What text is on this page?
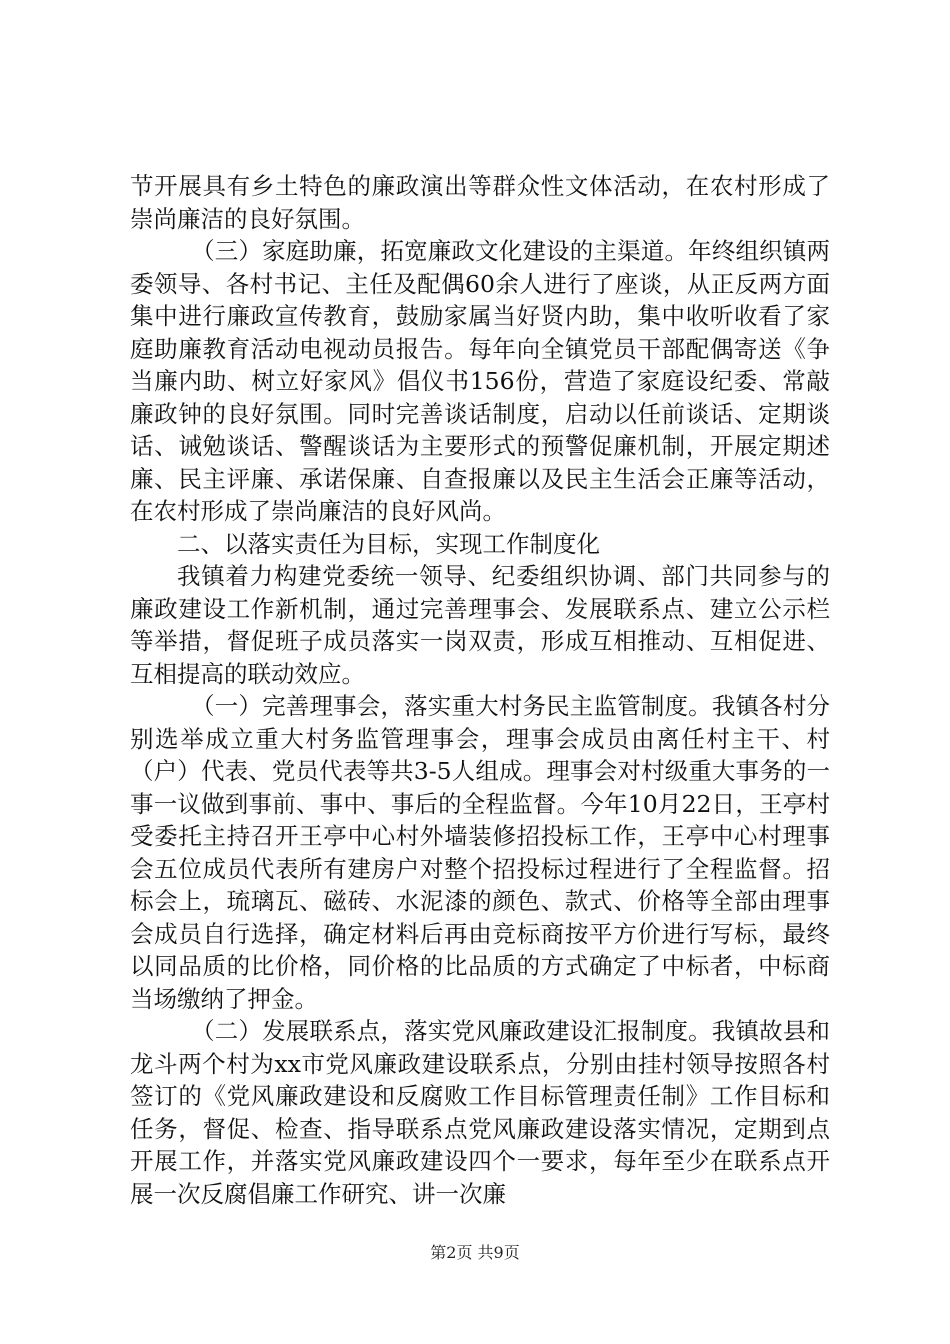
节开展具有乡土特色的廉政演出等群众性文体活动，在农村形成了崇尚廉洁的良好氛围。

（三）家庭助廉，拓宽廉政文化建设的主渠道。年终组织镇两委领导、各村书记、主任及配偶60余人进行了座谈，从正反两方面集中进行廉政宣传教育，鼓励家属当好贤内助，集中收听收看了家庭助廉教育活动电视动员报告。每年向全镇党员干部配偶寄送《争当廉内助、树立好家风》倡仪书156份，营造了家庭设纪委、常敲廉政钟的良好氛围。同时完善谈话制度，启动以任前谈话、定期谈话、诫勉谈话、警醒谈话为主要形式的预警促廉机制，开展定期述廉、民主评廉、承诺保廉、自查报廉以及民主生活会正廉等活动，在农村形成了崇尚廉洁的良好风尚。

二、以落实责任为目标，实现工作制度化

我镇着力构建党委统一领导、纪委组织协调、部门共同参与的廉政建设工作新机制，通过完善理事会、发展联系点、建立公示栏等举措，督促班子成员落实一岗双责，形成互相推动、互相促进、互相提高的联动效应。

（一）完善理事会，落实重大村务民主监管制度。我镇各村分别选举成立重大村务监管理事会，理事会成员由离任村主干、村（户）代表、党员代表等共3-5人组成。理事会对村级重大事务的一事一议做到事前、事中、事后的全程监督。今年10月22日，王亭村受委托主持召开王亭中心村外墙装修招投标工作，王亭中心村理事会五位成员代表所有建房户对整个招投标过程进行了全程监督。招标会上，琉璃瓦、磁砖、水泥漆的颜色、款式、价格等全部由理事会成员自行选择，确定材料后再由竞标商按平方价进行写标，最终以同品质的比价格，同价格的比品质的方式确定了中标者，中标商当场缴纳了押金。

（二）发展联系点，落实党风廉政建设汇报制度。我镇故县和龙斗两个村为xx市党风廉政建设联系点，分别由挂村领导按照各村签订的《党风廉政建设和反腐败工作目标管理责任制》工作目标和任务，督促、检查、指导联系点党风廉政建设落实情况，定期到点开展工作，并落实党风廉政建设四个一要求，每年至少在联系点开展一次反腐倡廉工作研究、讲一次廉

第2页 共9页
